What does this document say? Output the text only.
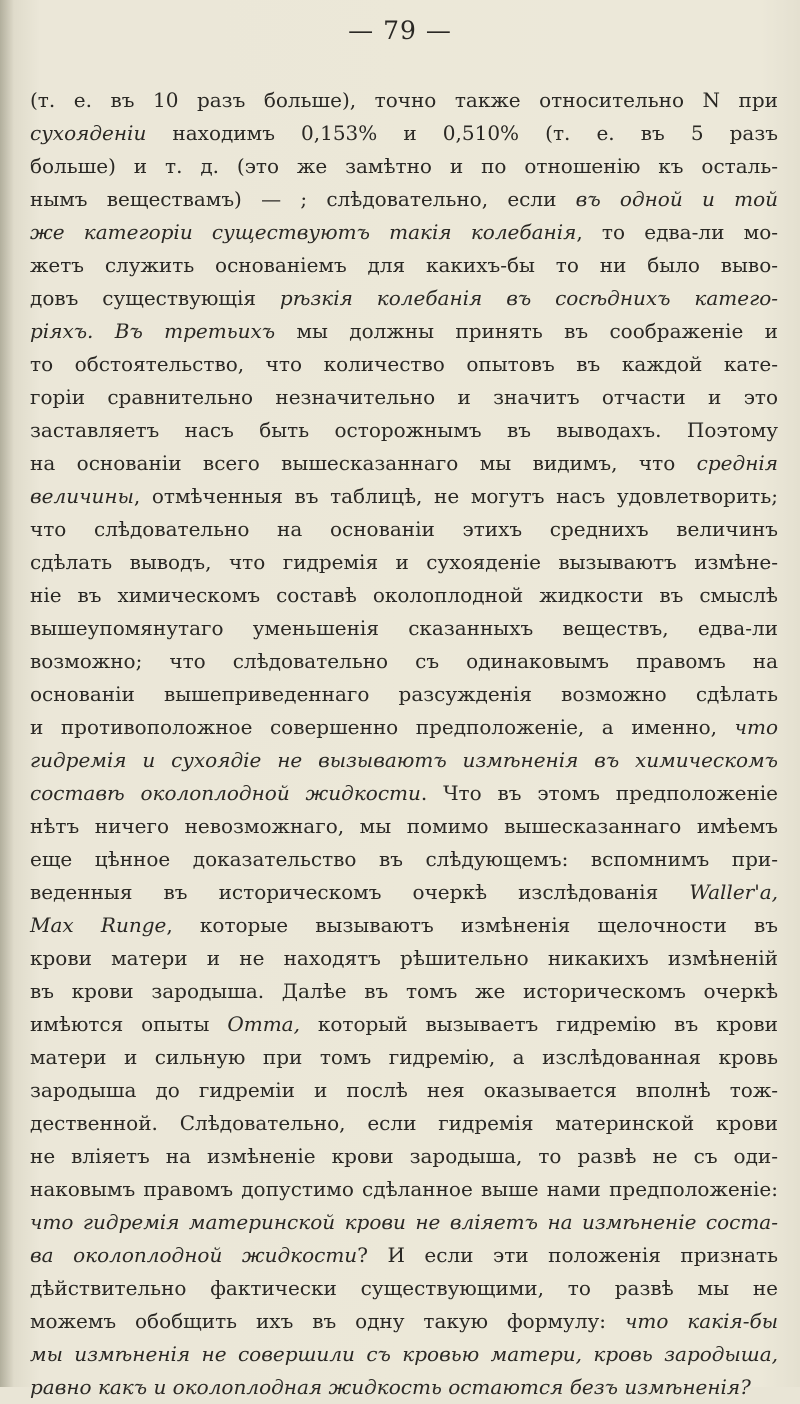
— 79 —
(т. е. въ 10 разъ больше), точно также относительно N при
сухояденіи находимъ 0,153% и 0,510% (т. е. въ 5 разъ
больше) и т. д. (это же замѣтно и по отношенію къ осталь-
нымъ веществамъ) — ; слѣдовательно, если въ одной и той
же категоріи существуютъ такія колебанія, то едва-ли мо-
жетъ служить основаніемъ для какихъ-бы то ни было выво-
довъ существующія рѣзкія колебанія въ сосѣднихъ катего-
ріяхъ. Въ третьихъ мы должны принять въ соображеніе и
то обстоятельство, что количество опытовъ въ каждой кате-
горіи сравнительно незначительно и значитъ отчасти и это
заставляетъ насъ быть осторожнымъ въ выводахъ. Поэтому
на основаніи всего вышесказаннаго мы видимъ, что среднія
величины, отмѣченныя въ таблицѣ, не могутъ насъ удовлетворить;
что слѣдовательно на основаніи этихъ среднихъ величинъ
сдѣлать выводъ, что гидремія и сухояденіе вызываютъ измѣне-
ніе въ химическомъ составѣ околоплодной жидкости въ смыслѣ
вышеупомянутаго уменьшенія сказанныхъ веществъ, едва-ли
возможно; что слѣдовательно съ одинаковымъ правомъ на
основаніи вышеприведеннаго разсужденія возможно сдѣлать
и противоположное совершенно предположеніе, а именно, что
гидремія и сухоядіе не вызываютъ измѣненія въ химическомъ
составѣ околоплодной жидкости. Что въ этомъ предположеніе
нѣтъ ничего невозможнаго, мы помимо вышесказаннаго имѣемъ
еще цѣнное доказательство въ слѣдующемъ: вспомнимъ при-
веденныя въ историческомъ очеркѣ изслѣдованія Waller'a,
Max Runge, которые вызываютъ измѣненія щелочности въ
крови матери и не находятъ рѣшительно никакихъ измѣненій
въ крови зародыша. Далѣе въ томъ же историческомъ очеркѣ
имѣются опыты Отта, который вызываетъ гидремію въ крови
матери и сильную при томъ гидремію, а изслѣдованная кровь
зародыша до гидреміи и послѣ нея оказывается вполнѣ тож-
дественной. Слѣдовательно, если гидремія материнской крови
не вліяетъ на измѣненіе крови зародыша, то развѣ не съ оди-
наковымъ правомъ допустимо сдѣланное выше нами предположеніе:
что гидремія материнской крови не вліяетъ на измѣненіе соста-
ва околоплодной жидкости? И если эти положенія признать
дѣйствительно фактически существующими, то развѣ мы не
можемъ обобщить ихъ въ одну такую формулу: что какія-бы
мы измѣненія не совершили съ кровью матери, кровь зародыша,
равно какъ и околоплодная жидкость остаются безъ измѣненія?
